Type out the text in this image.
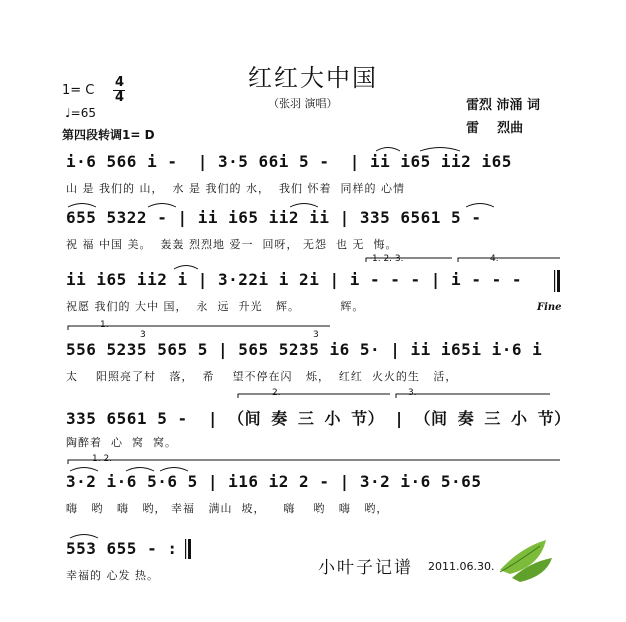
红红大中国
（张羽 演唱）
1= C
4
4
♩=65
第四段转调1= D
雷烈 沛涌 词
雷    烈曲
i·6 566 i -  | 3·5 66i 5 -  | ii i65 ii2 i65
山 是 我们的 山，  水 是 我们的 水，  我们 怀着  同样的 心情
655 5322 - | ii i65 ii2 ii | 335 6561 5 -
祝 福 中国 美。  轰轰 烈烈地 爱一  回呀， 无怨  也 无  悔。
1. 2. 3.	4.
ii i65 ii2 i | 3·22i i 2i | i - - - | i - - -
祝愿 我们的 大中 国，  永  远  升光   辉。         辉。	Fine
1.
3	3
556 5235 565 5 | 565 5235 i6 5· | ii i65i i·6 i
太    阳照亮了村   落，  希    望不停在闪   烁，  红红  火火的生   活，
2.	3.
335 6561 5 -  | （间 奏 三 小 节） | （间 奏 三 小 节）
陶醉着  心  窝  窝。
1. 2.
3·2 i·6 5·6 5 | i16 i2 2 - | 3·2 i·6 5·65
嗨   哟   嗨   哟， 幸福   满山  坡，    嗨    哟   嗨   哟，
553 655 - :
幸福的 心发 热。	小叶子记谱 2011.06.30.
